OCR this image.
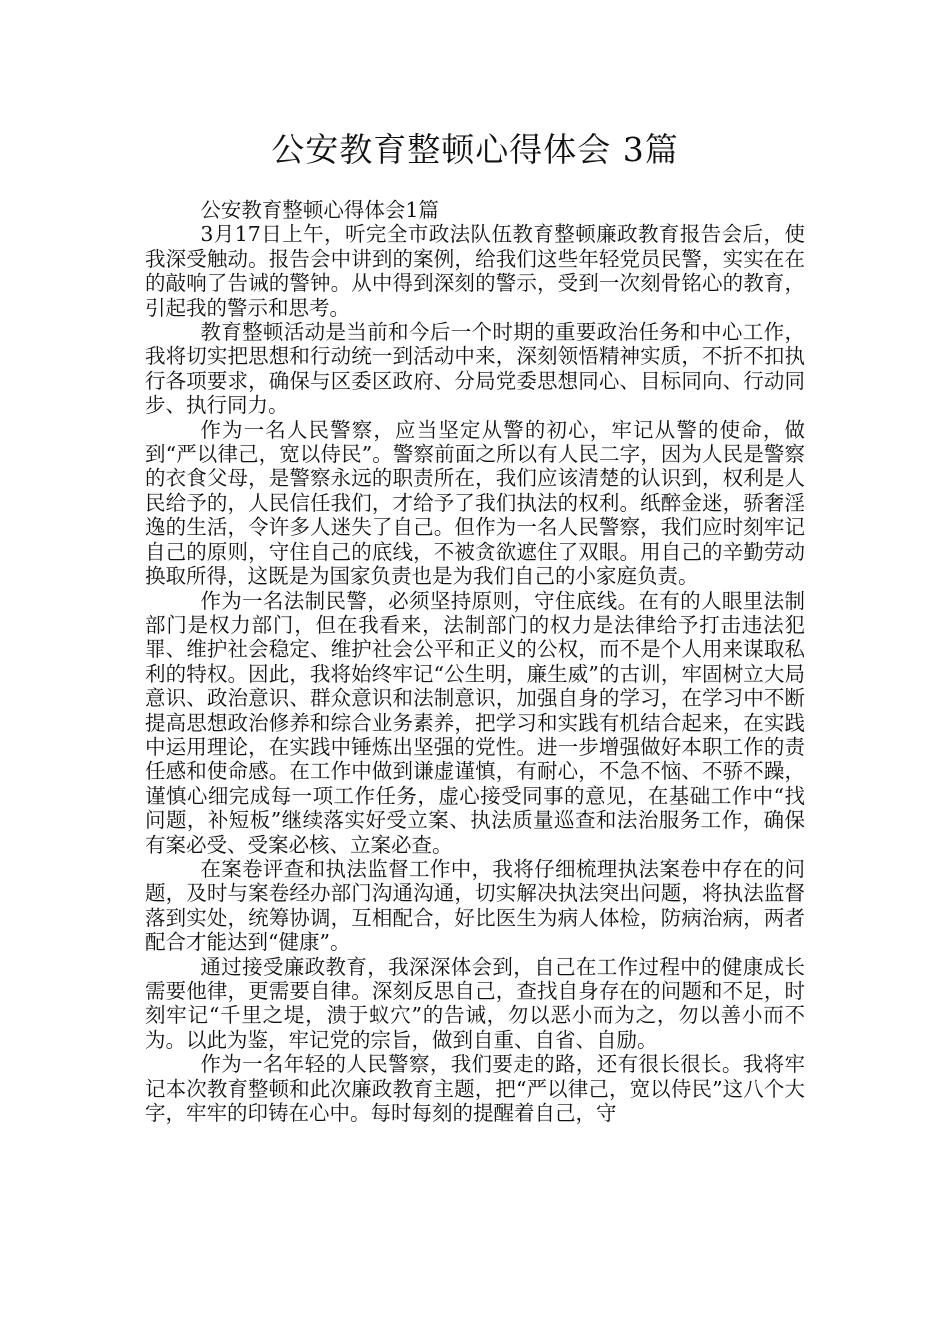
公安教育整顿心得体会 3篇

公安教育整顿心得体会1篇

3月17日上午，听完全市政法队伍教育整顿廉政教育报告会后，使我深受触动。报告会中讲到的案例，给我们这些年轻党员民警，实实在在的敲响了告诫的警钟。从中得到深刻的警示，受到一次刻骨铭心的教育，引起我的警示和思考。

教育整顿活动是当前和今后一个时期的重要政治任务和中心工作，我将切实把思想和行动统一到活动中来，深刻领悟精神实质，不折不扣执行各项要求，确保与区委区政府、分局党委思想同心、目标同向、行动同步、执行同力。

作为一名人民警察，应当坚定从警的初心，牢记从警的使命，做到“严以律己，宽以侍民”。警察前面之所以有人民二字，因为人民是警察的衣食父母，是警察永远的职责所在，我们应该清楚的认识到，权利是人民给予的，人民信任我们，才给予了我们执法的权利。纸醉金迷，骄奢淫逸的生活，令许多人迷失了自己。但作为一名人民警察，我们应时刻牢记自己的原则，守住自己的底线，不被贪欲遮住了双眼。用自己的辛勤劳动换取所得，这既是为国家负责也是为我们自己的小家庭负责。

作为一名法制民警，必须坚持原则，守住底线。在有的人眼里法制部门是权力部门，但在我看来，法制部门的权力是法律给予打击违法犯罪、维护社会稳定、维护社会公平和正义的公权，而不是个人用来谋取私利的特权。因此，我将始终牢记“公生明，廉生威”的古训，牢固树立大局意识、政治意识、群众意识和法制意识，加强自身的学习，在学习中不断提高思想政治修养和综合业务素养，把学习和实践有机结合起来，在实践中运用理论，在实践中锤炼出坚强的党性。进一步增强做好本职工作的责任感和使命感。在工作中做到谦虚谨慎，有耐心，不急不恼、不骄不躁，谨慎心细完成每一项工作任务，虚心接受同事的意见，在基础工作中“找问题，补短板”继续落实好受立案、执法质量巡查和法治服务工作，确保有案必受、受案必核、立案必查。

在案卷评查和执法监督工作中，我将仔细梳理执法案卷中存在的问题，及时与案卷经办部门沟通沟通，切实解决执法突出问题，将执法监督落到实处，统筹协调，互相配合，好比医生为病人体检，防病治病，两者配合才能达到“健康”。

通过接受廉政教育，我深深体会到，自己在工作过程中的健康成长需要他律，更需要自律。深刻反思自己，查找自身存在的问题和不足，时刻牢记“千里之堤，溃于蚁穴”的告诫，勿以恶小而为之，勿以善小而不为。以此为鉴，牢记党的宗旨，做到自重、自省、自励。

作为一名年轻的人民警察，我们要走的路，还有很长很长。我将牢记本次教育整顿和此次廉政教育主题，把“严以律己，宽以侍民”这八个大字，牢牢的印铸在心中。每时每刻的提醒着自己，守
